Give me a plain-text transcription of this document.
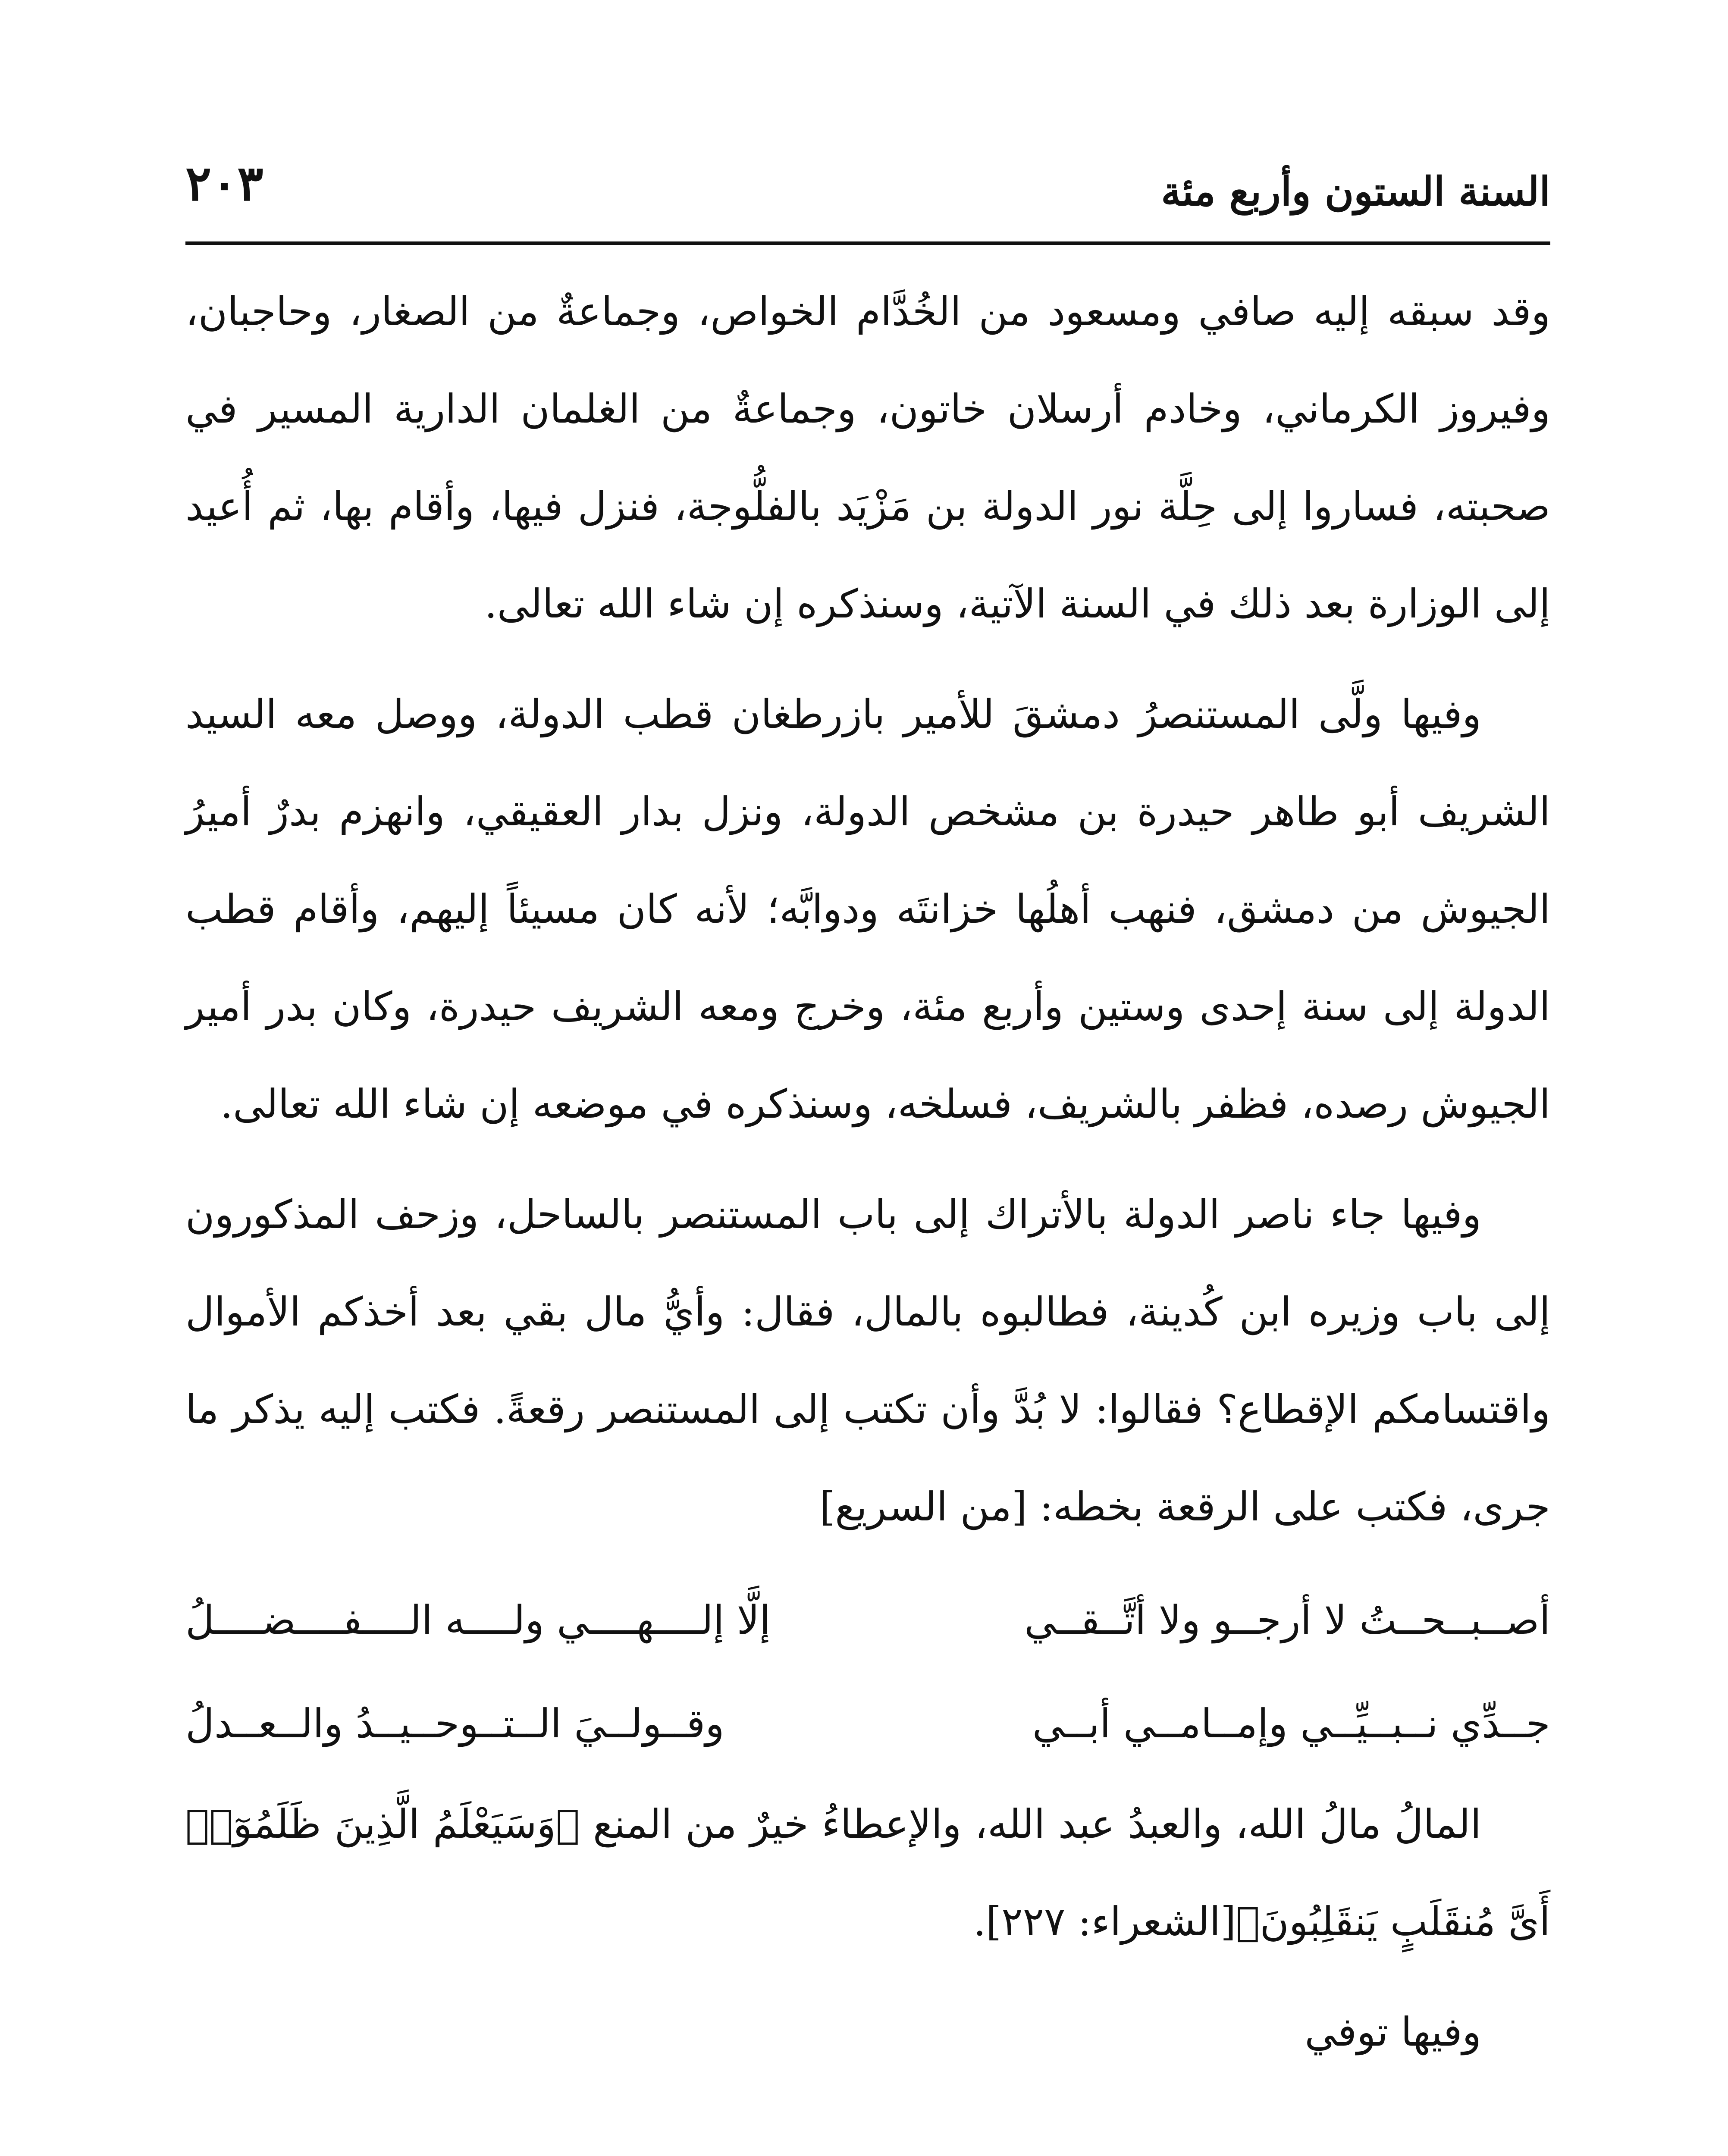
السنة الستون وأربع مئة
٢٠٣

وقد سبقه إليه صافي ومسعود من الخُدَّام الخواص، وجماعةٌ من الصغار، وحاجبان، وفيروز الكرماني، وخادم أرسلان خاتون، وجماعةٌ من الغلمان الدارية المسير في صحبته، فساروا إلى حِلَّة نور الدولة بن مَزْيَد بالفلُّوجة، فنزل فيها، وأقام بها، ثم أُعيد إلى الوزارة بعد ذلك في السنة الآتية، وسنذكره إن شاء الله تعالى.

وفيها ولَّى المستنصرُ دمشقَ للأمير بازرطغان قطب الدولة، ووصل معه السيد الشريف أبو طاهر حيدرة بن مشخص الدولة، ونزل بدار العقيقي، وانهزم بدرٌ أميرُ الجيوش من دمشق، فنهب أهلُها خزانتَه ودوابَّه؛ لأنه كان مسيئاً إليهم، وأقام قطب الدولة إلى سنة إحدى وستين وأربع مئة، وخرج ومعه الشريف حيدرة، وكان بدر أمير الجيوش رصده، فظفر بالشريف، فسلخه، وسنذكره في موضعه إن شاء الله تعالى.

وفيها جاء ناصر الدولة بالأتراك إلى باب المستنصر بالساحل، وزحف المذكورون إلى باب وزيره ابن كُدينة، فطالبوه بالمال، فقال: وأيُّ مال بقي بعد أخذكم الأموال واقتسامكم الإقطاع؟ فقالوا: لا بُدَّ وأن تكتب إلى المستنصر رقعةً. فكتب إليه يذكر ما جرى، فكتب على الرقعة بخطه: [من السريع]

أصــبــحــتُ لا أرجــو ولا أتَّــقــي
إلَّا إلــــهــــي ولــــه الــــفــــضــــلُ
جــدِّي نــبــيِّــي وإمــامــي أبــي
وقــولــيَ الــتــوحــيــدُ والــعــدلُ

المالُ مالُ الله، والعبدُ عبد الله، والإعطاءُ خيرٌ من المنع ﴿وَسَيَعْلَمُ الَّذِينَ ظَلَمُوٓا۟ أَىَّ مُنقَلَبٍ يَنقَلِبُونَ﴾[الشعراء: ٢٢٧].

وفيها توفي
